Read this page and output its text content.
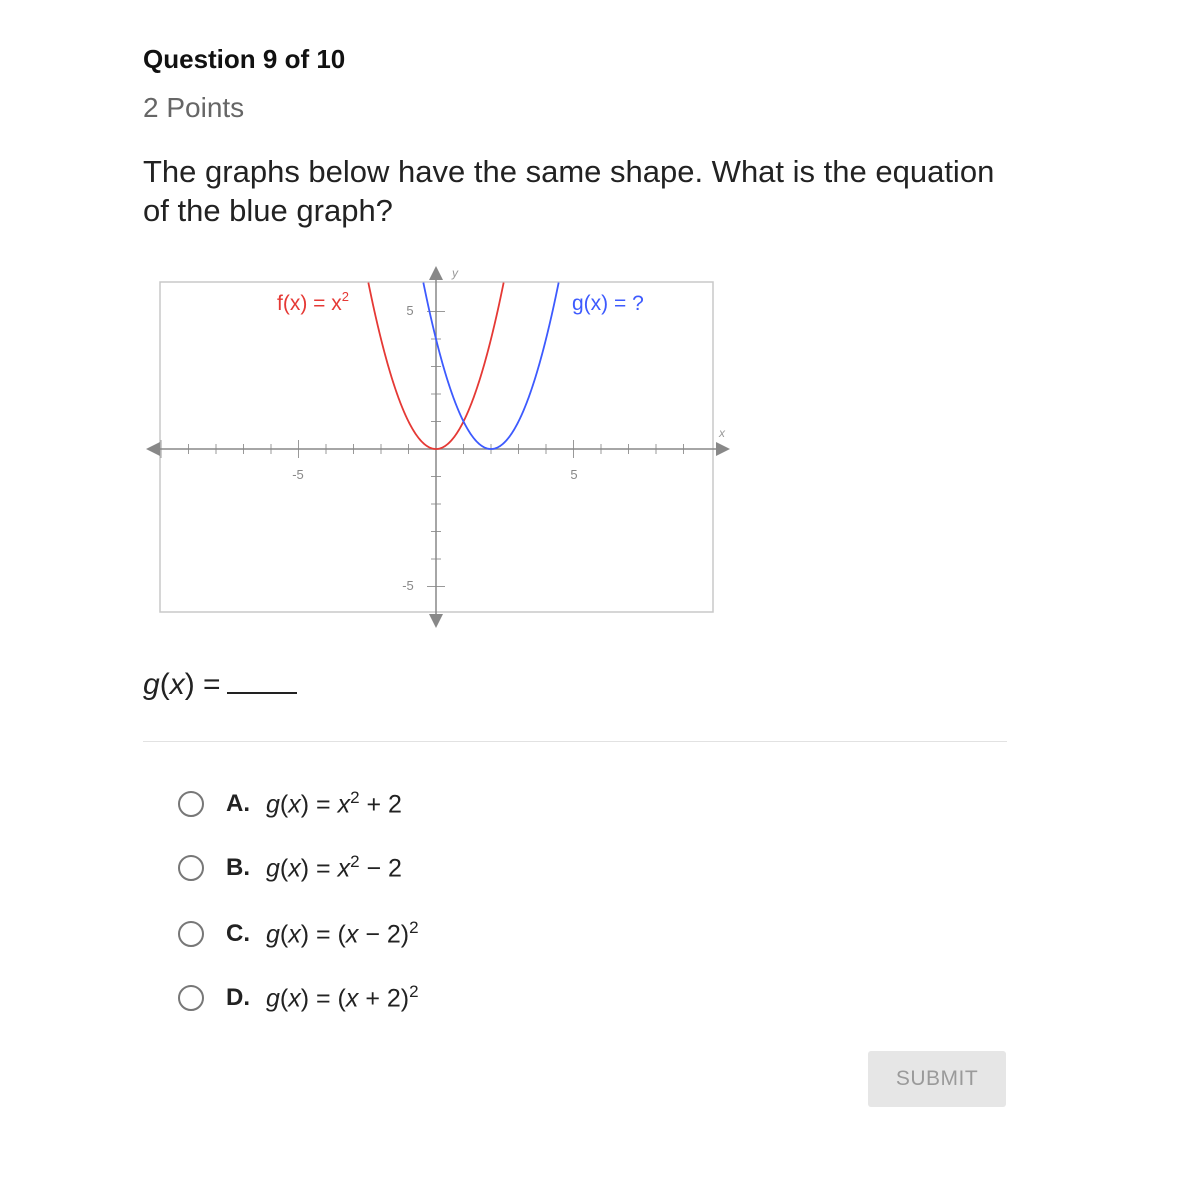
Question 9 of 10
2 Points
The graphs below have the same shape. What is the equation of the blue graph?
x
y
-5	5
5
-5
$f(x) = x^2$	g(x) = ?
g(x) =
A. $g(x) = x^2 + 2$
B. $g(x) = x^2 - 2$
C. $g(x) = (x - 2)^2$
D. $g(x) = (x + 2)^2$
SUBMIT
